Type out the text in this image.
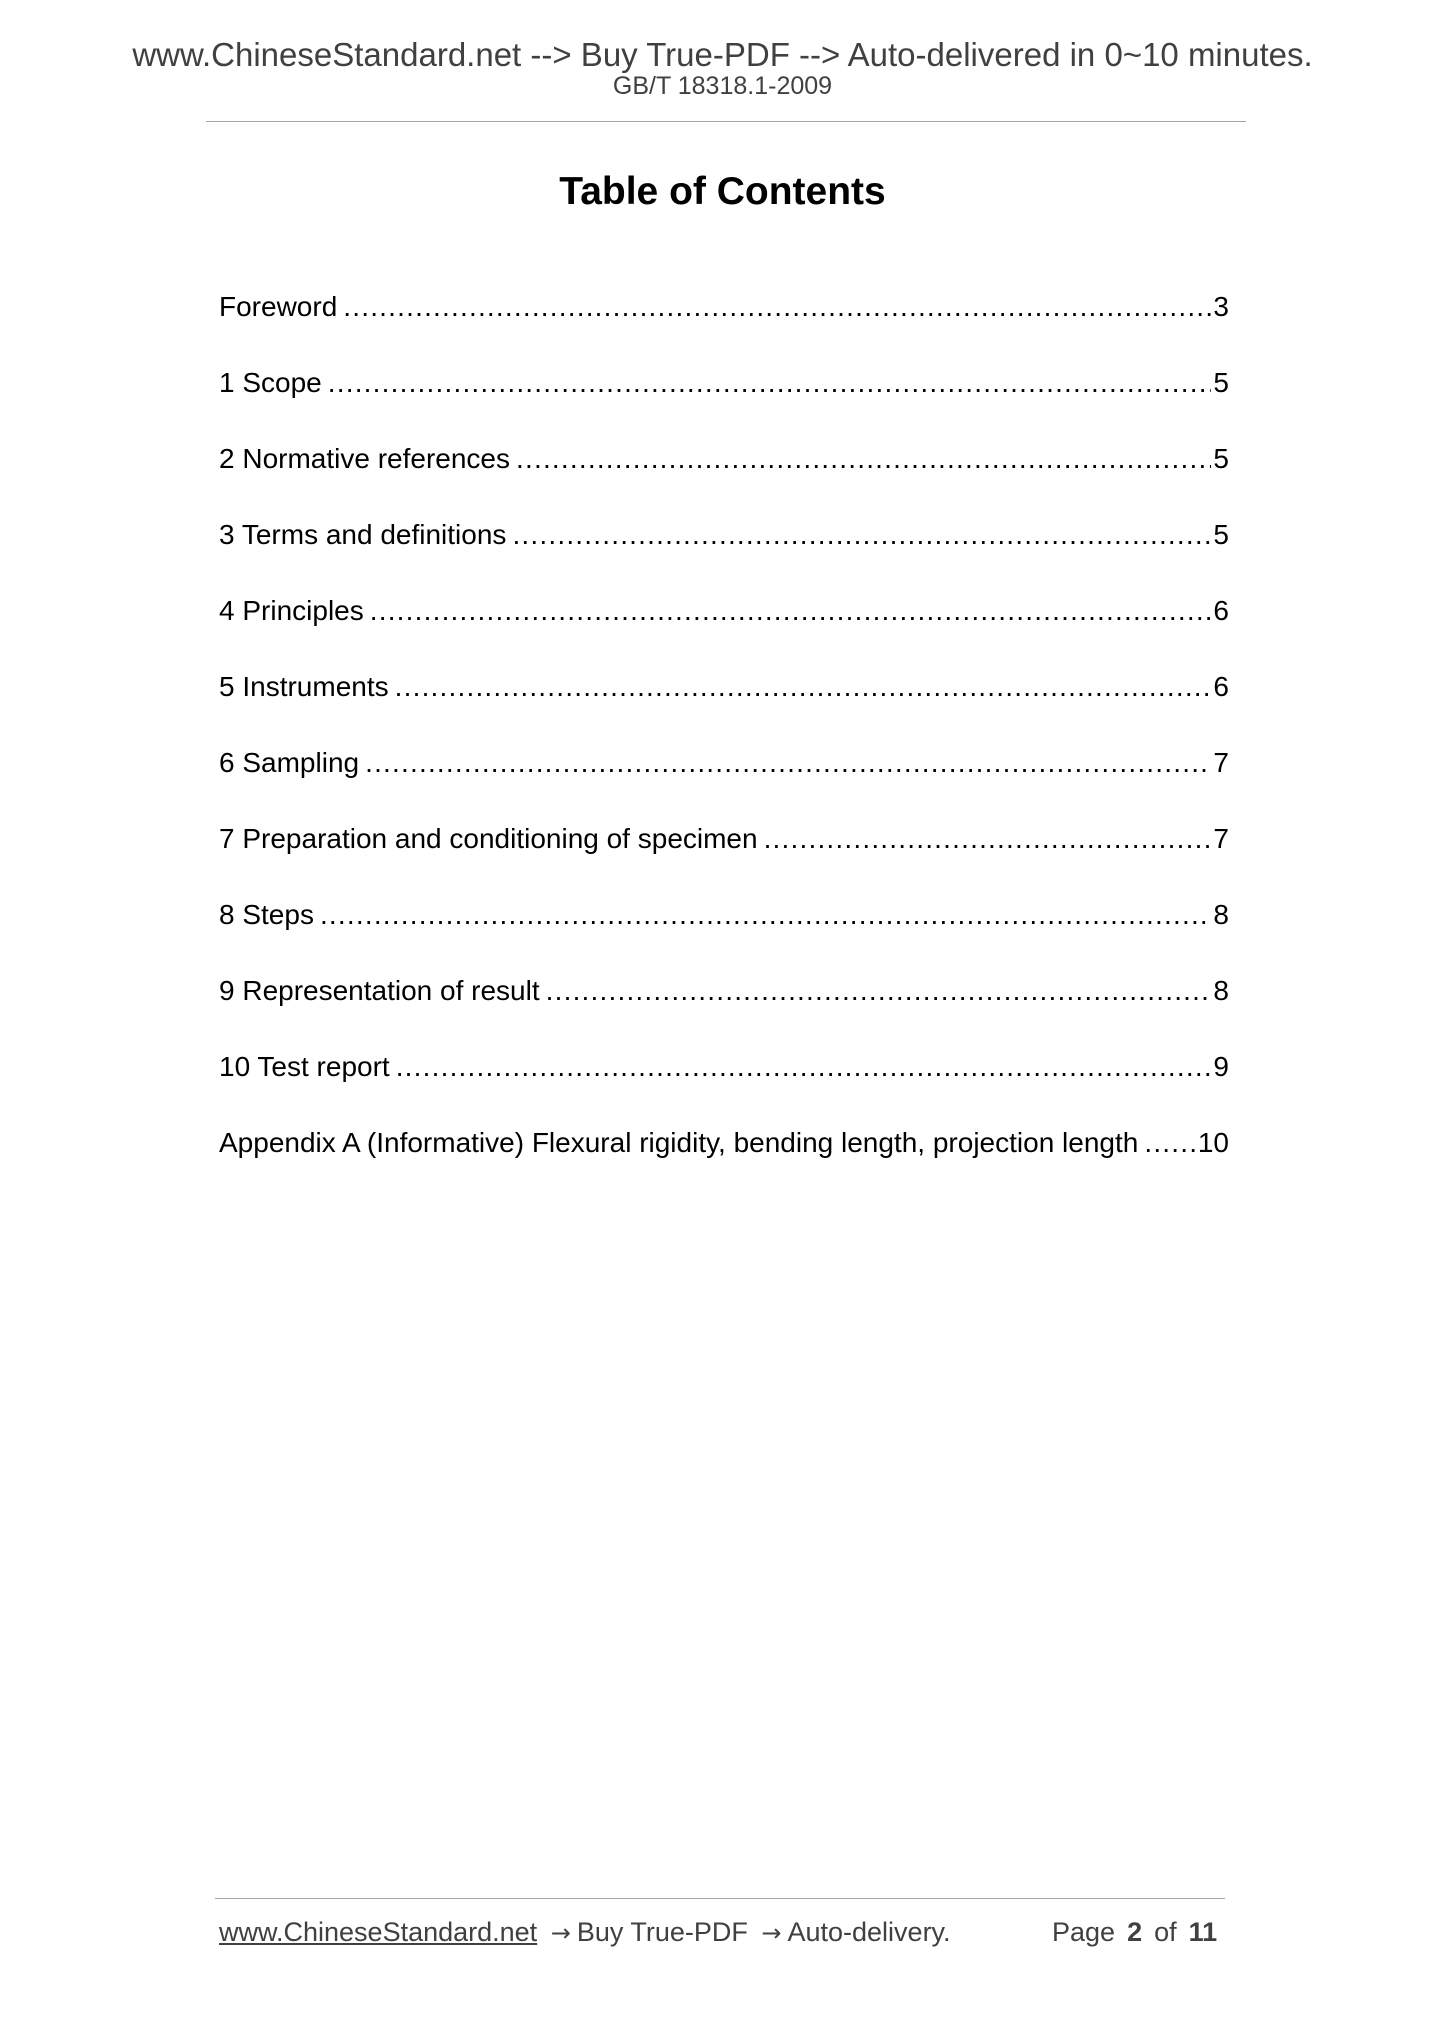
www.ChineseStandard.net --> Buy True-PDF --> Auto-delivered in 0~10 minutes.
GB/T 18318.1-2009
Table of Contents
Foreword .....	3
1 Scope .....	5
2 Normative references .....	5
3 Terms and definitions .....	5
4 Principles .....	6
5 Instruments .....	6
6 Sampling .....	7
7 Preparation and conditioning of specimen .....	7
8 Steps .....	8
9 Representation of result .....	8
10 Test report .....	9
Appendix A (Informative) Flexural rigidity, bending length, projection length ..... 10
www.ChineseStandard.net → Buy True-PDF → Auto-delivery.	Page 2 of 11
